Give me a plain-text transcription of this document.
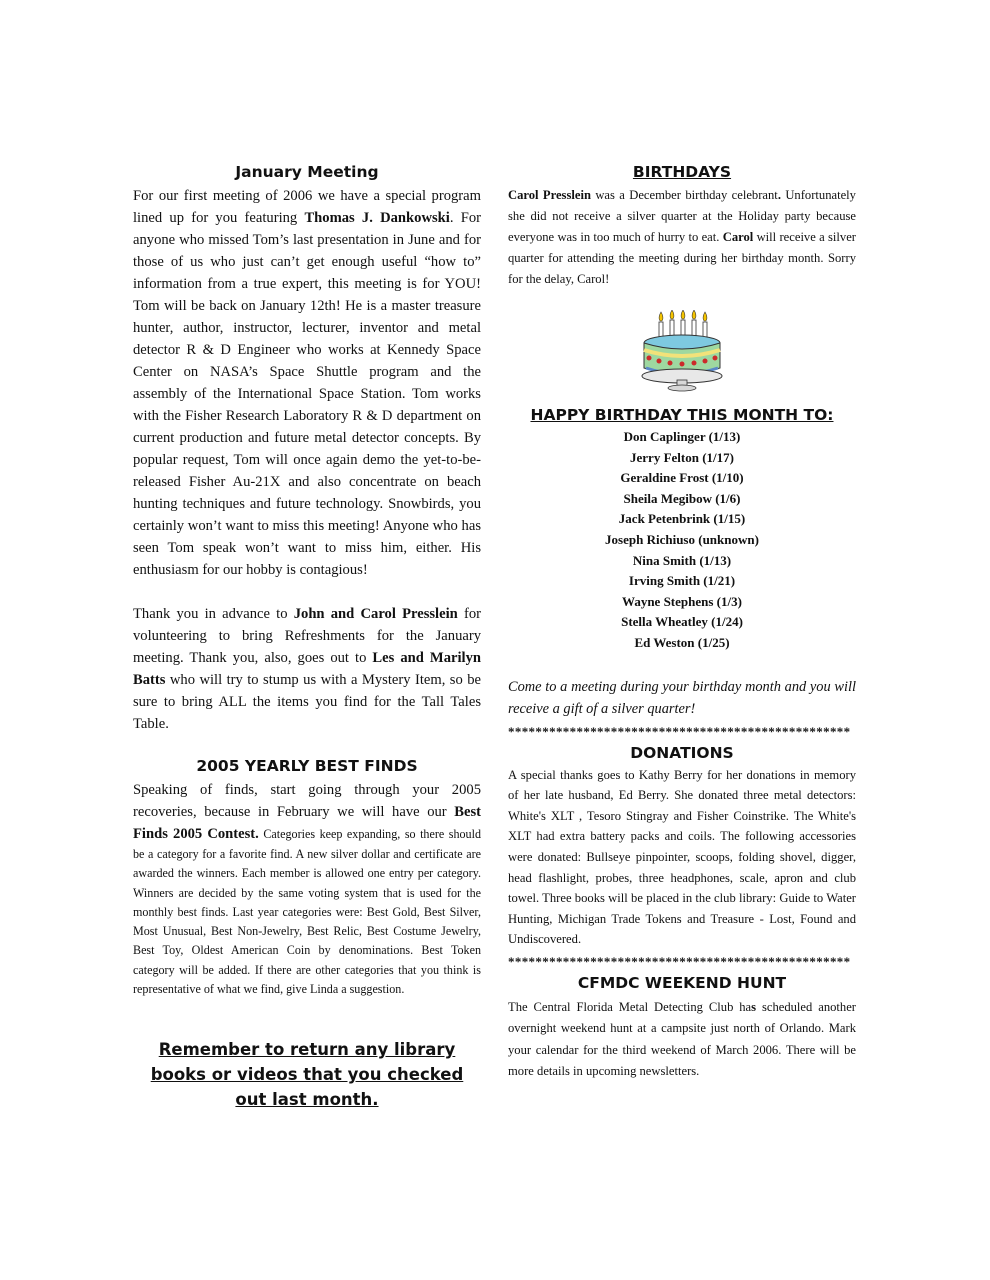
January Meeting

For our first meeting of 2006 we have a special program lined up for you featuring Thomas J. Dankowski. For anyone who missed Tom’s last presentation in June and for those of us who just can’t get enough useful “how to” information from a true expert, this meeting is for YOU! Tom will be back on January 12th! He is a master treasure hunter, author, instructor, lecturer, inventor and metal detector R & D Engineer who works at Kennedy Space Center on NASA’s Space Shuttle program and the assembly of the International Space Station. Tom works with the Fisher Research Laboratory R & D department on current production and future metal detector concepts. By popular request, Tom will once again demo the yet-to-be-released Fisher Au-21X and also concentrate on beach hunting techniques and future technology. Snowbirds, you certainly won’t want to miss this meeting! Anyone who has seen Tom speak won’t want to miss him, either. His enthusiasm for our hobby is contagious!

Thank you in advance to John and Carol Presslein for volunteering to bring Refreshments for the January meeting. Thank you, also, goes out to Les and Marilyn Batts who will try to stump us with a Mystery Item, so be sure to bring ALL the items you find for the Tall Tales Table.

2005 YEARLY BEST FINDS

Speaking of finds, start going through your 2005 recoveries, because in February we will have our Best Finds 2005 Contest. Categories keep expanding, so there should be a category for a favorite find. A new silver dollar and certificate are awarded the winners. Each member is allowed one entry per category. Winners are decided by the same voting system that is used for the monthly best finds. Last year categories were: Best Gold, Best Silver, Most Unusual, Best Non-Jewelry, Best Relic, Best Costume Jewelry, Best Toy, Oldest American Coin by denominations. Best Token category will be added. If there are other categories that you think is representative of what we find, give Linda a suggestion.

Remember to return any library books or videos that you checked out last month.
BIRTHDAYS

Carol Presslein was a December birthday celebrant. Unfortunately she did not receive a silver quarter at the Holiday party because everyone was in too much of hurry to eat. Carol will receive a silver quarter for attending the meeting during her birthday month. Sorry for the delay, Carol!

HAPPY BIRTHDAY THIS MONTH TO:
Don Caplinger (1/13)
Jerry Felton (1/17)
Geraldine Frost (1/10)
Sheila Megibow (1/6)
Jack Petenbrink (1/15)
Joseph Richiuso (unknown)
Nina Smith (1/13)
Irving Smith (1/21)
Wayne Stephens (1/3)
Stella Wheatley (1/24)
Ed Weston (1/25)

Come to a meeting during your birthday month and you will receive a gift of a silver quarter!

**************************************************
DONATIONS

A special thanks goes to Kathy Berry for her donations in memory of her late husband, Ed Berry. She donated three metal detectors: White's XLT , Tesoro Stingray and Fisher Coinstrike. The White's XLT had extra battery packs and coils. The following accessories were donated: Bullseye pinpointer, scoops, folding shovel, digger, head flashlight, probes, three headphones, scale, apron and club towel. Three books will be placed in the club library: Guide to Water Hunting, Michigan Trade Tokens and Treasure - Lost, Found and Undiscovered.

**************************************************
CFMDC WEEKEND HUNT

The Central Florida Metal Detecting Club has scheduled another overnight weekend hunt at a campsite just north of Orlando. Mark your calendar for the third weekend of March 2006. There will be more details in upcoming newsletters.
